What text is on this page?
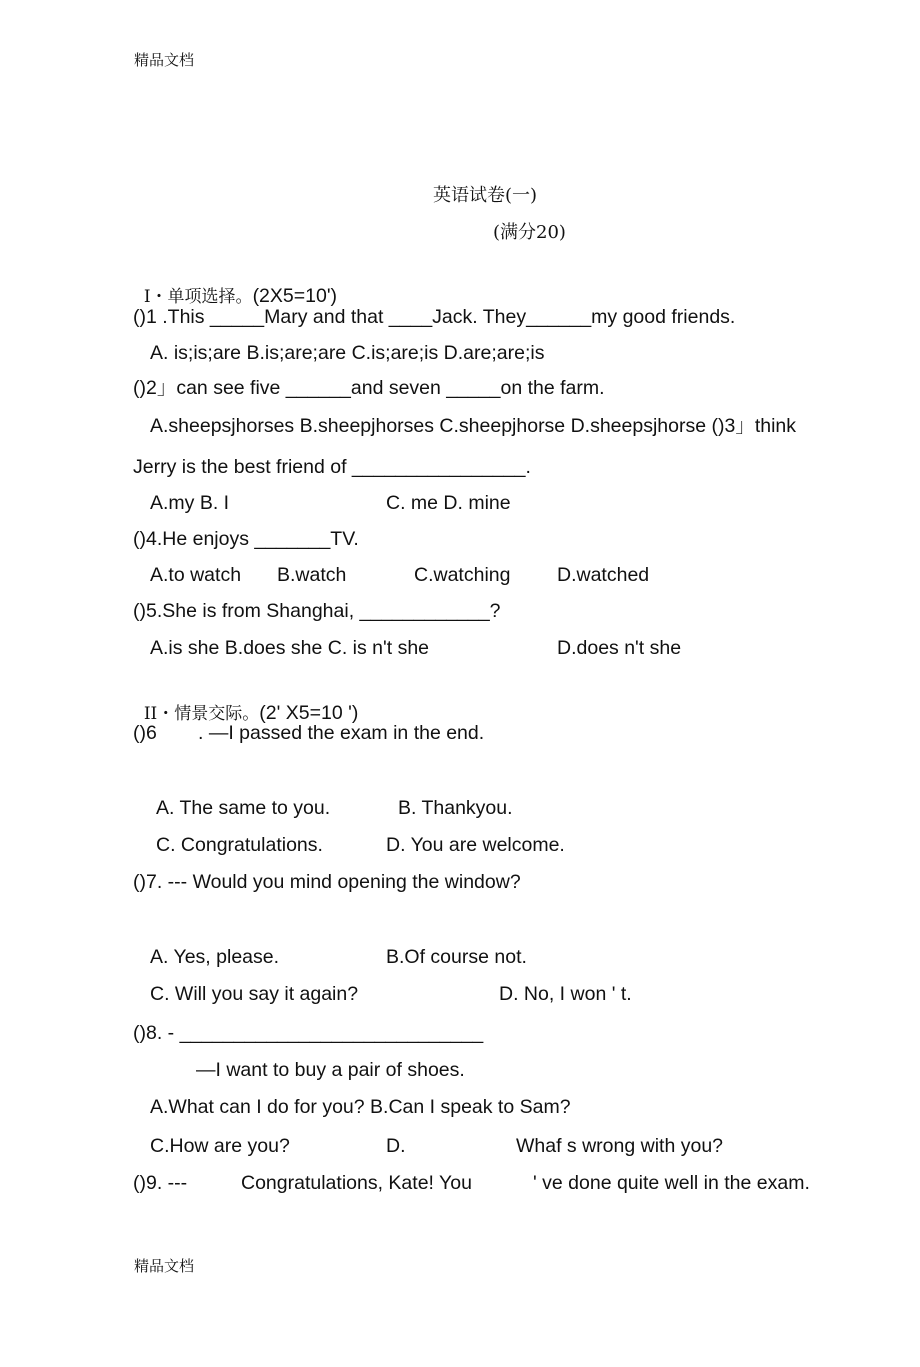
精品文档
英语试卷(一)
(满分20)

I・单项选择。(2X5=10')

()1 .This _____Mary and that ____Jack. They______my good friends.
A. is;is;are B.is;are;are C.is;are;is D.are;are;is
()2」can see five ______and seven _____on the farm.
A.sheepsjhorses B.sheepjhorses C.sheepjhorse D.sheepsjhorse ()3」think
Jerry is the best friend of ________________.
A.my B. I	C. me D. mine
()4.He enjoys _______TV.
A.to watch B.watch	C.watching D.watched
()5.She is from Shanghai, ____________?
A.is she B.does she C. is n't she	D.does n't she

II・情景交际。(2' X5=10 ')

()6 . —I passed the exam in the end.
A. The same to you.	B. Thankyou.
C. Congratulations.	D. You are welcome.
()7. --- Would you mind opening the window?
A. Yes, please.	B.Of course not.
C. Will you say it again?	D. No, I won ' t.
()8. - ____________________________
—I want to buy a pair of shoes.
A.What can I do for you? B.Can I speak to Sam?
C.How are you?	D.	Whaf s wrong with you?
()9. ---	Congratulations, Kate! You	' ve done quite well in the exam.
精品文档
